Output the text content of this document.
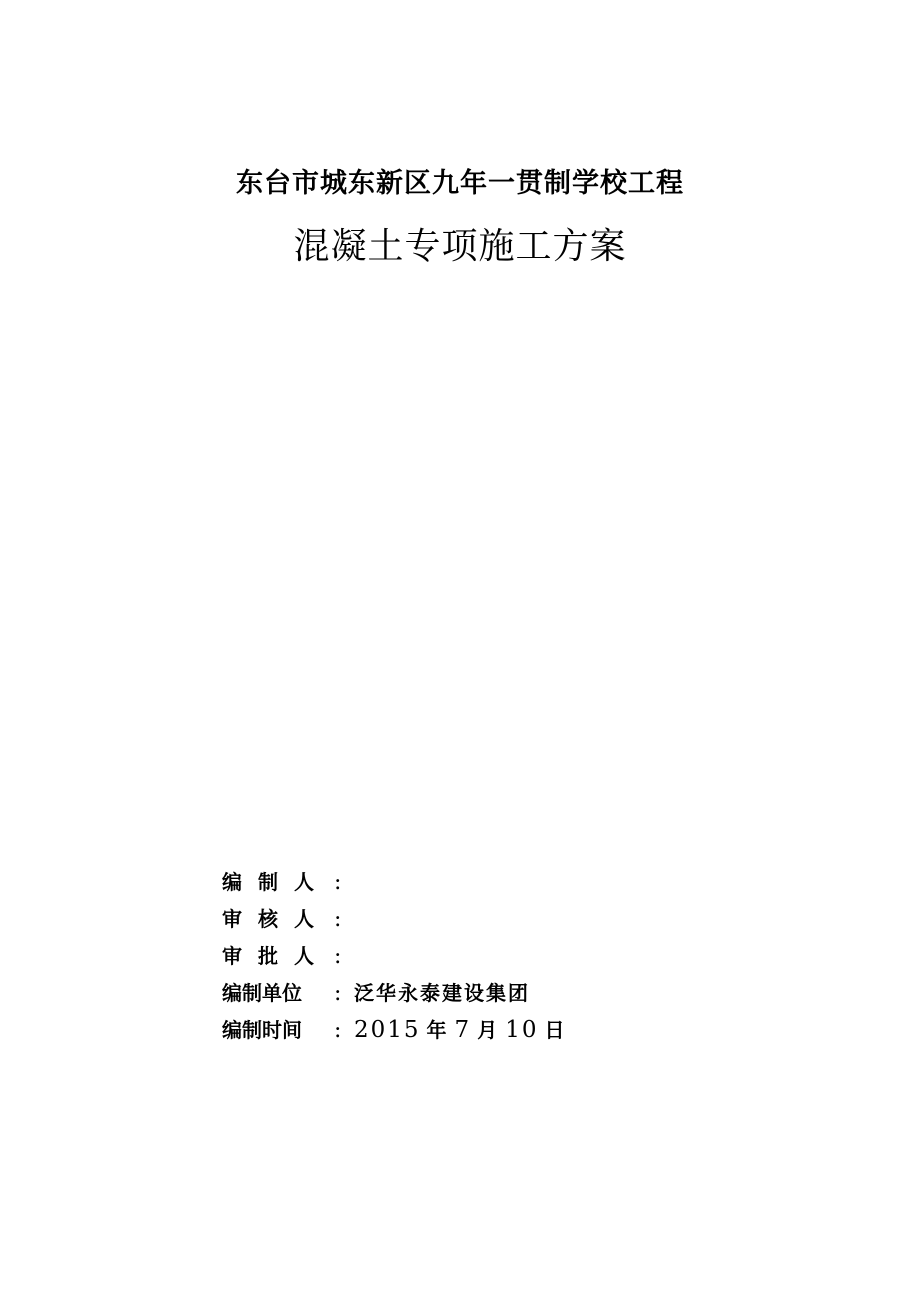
东台市城东新区九年一贯制学校工程
混凝土专项施工方案
编制人 :
审核人 :
审批人 :
编制单位	: 泛华永泰建设集团
编制时间	: 2015 年 7 月 10 日
